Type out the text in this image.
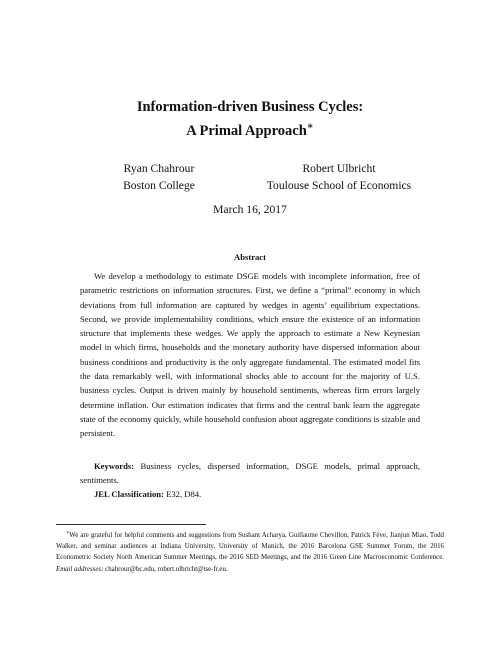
Information-driven Business Cycles:
A Primal Approach∗
Ryan Chahrour
Boston College
Robert Ulbricht
Toulouse School of Economics
March 16, 2017
Abstract
We develop a methodology to estimate DSGE models with incomplete information, free of parametric restrictions on information structures. First, we define a “primal” economy in which deviations from full information are captured by wedges in agents’ equilibrium expectations. Second, we provide implementability conditions, which ensure the existence of an information structure that implements these wedges. We apply the approach to estimate a New Keynesian model in which firms, households and the monetary authority have dispersed information about business conditions and productivity is the only aggregate fundamental. The estimated model fits the data remarkably well, with informational shocks able to account for the majority of U.S. business cycles. Output is driven mainly by household sentiments, whereas firm errors largely determine inflation. Our estimation indicates that firms and the central bank learn the aggregate state of the economy quickly, while household confusion about aggregate conditions is sizable and persistent.
Keywords: Business cycles, dispersed information, DSGE models, primal approach, sentiments.
JEL Classification: E32, D84.
∗We are grateful for helpful comments and suggestions from Sushant Acharya, Guillaume Chevillon, Patrick Fève, Jianjun Miao, Todd Walker, and seminar audiences at Indiana University, University of Munich, the 2016 Barcelona GSE Summer Forum, the 2016 Econometric Society North American Summer Meetings, the 2016 SED Meetings, and the 2016 Green Line Macroeconomic Conference. Email addresses: chahrour@bc.edu, robert.ulbricht@tse-fr.eu.
